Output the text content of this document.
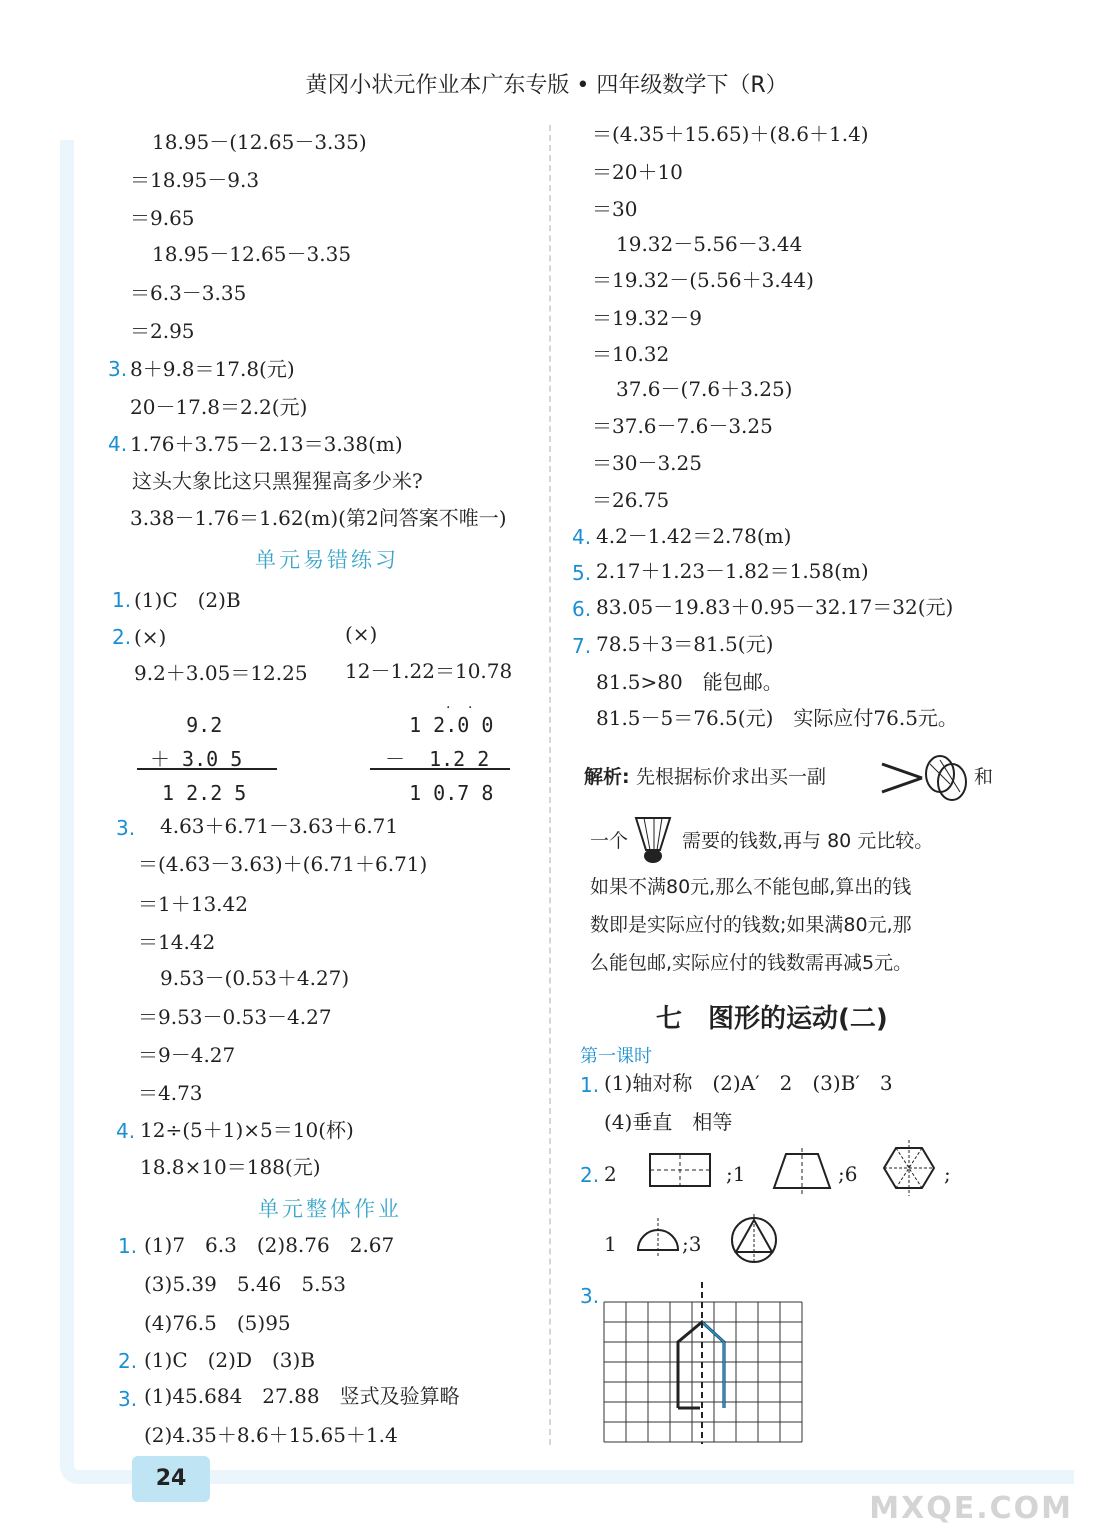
黄冈小状元作业本广东专版 • 四年级数学下（R）
18.95－(12.65－3.35)
＝18.95－9.3
＝9.65
18.95－12.65－3.35
＝6.3－3.35
＝2.95
3. 8＋9.8＝17.8(元)
20－17.8＝2.2(元)
4. 1.76＋3.75－2.13＝3.38(m)
这头大象比这只黑猩猩高多少米?
3.38－1.76＝1.62(m)(第2问答案不唯一)
单元易错练习
1. (1)C　(2)B
2. (×)	(×)
9.2＋3.05＝12.25 12－1.22＝10.78
9.2
＋ 3.0 5
1 2.2 5
1 2.0 0
－  1.2 2
1 0.7 8
· ·
3. 4.63＋6.71－3.63＋6.71
＝(4.63－3.63)＋(6.71＋6.71)
＝1＋13.42
＝14.42
9.53－(0.53＋4.27)
＝9.53－0.53－4.27
＝9－4.27
＝4.73
4. 12÷(5＋1)×5＝10(杯)
18.8×10＝188(元)
单元整体作业
1. (1)7　6.3　(2)8.76　2.67
(3)5.39　5.46　5.53
(4)76.5　(5)95
2. (1)C　(2)D　(3)B
3. (1)45.684　27.88　竖式及验算略
(2)4.35＋8.6＋15.65＋1.4
＝(4.35＋15.65)＋(8.6＋1.4)
＝20＋10
＝30
19.32－5.56－3.44
＝19.32－(5.56＋3.44)
＝19.32－9
＝10.32
37.6－(7.6＋3.25)
＝37.6－7.6－3.25
＝30－3.25
＝26.75
4. 4.2－1.42＝2.78(m)
5. 2.17＋1.23－1.82＝1.58(m)
6. 83.05－19.83＋0.95－32.17＝32(元)
7. 78.5＋3＝81.5(元)
81.5>80　能包邮。
81.5－5＝76.5(元)　实际应付76.5元。
解析: 先根据标价求出买一副	和
一个	需要的钱数,再与 80 元比较。
如果不满80元,那么不能包邮,算出的钱
数即是实际应付的钱数;如果满80元,那
么能包邮,实际应付的钱数需再减5元。
七　图形的运动(二)
第一课时
1. (1)轴对称　(2)A′　2　(3)B′　3
(4)垂直　相等
2. 2	;1	;6	;
1	;3
3.
24
MXQE.COM
